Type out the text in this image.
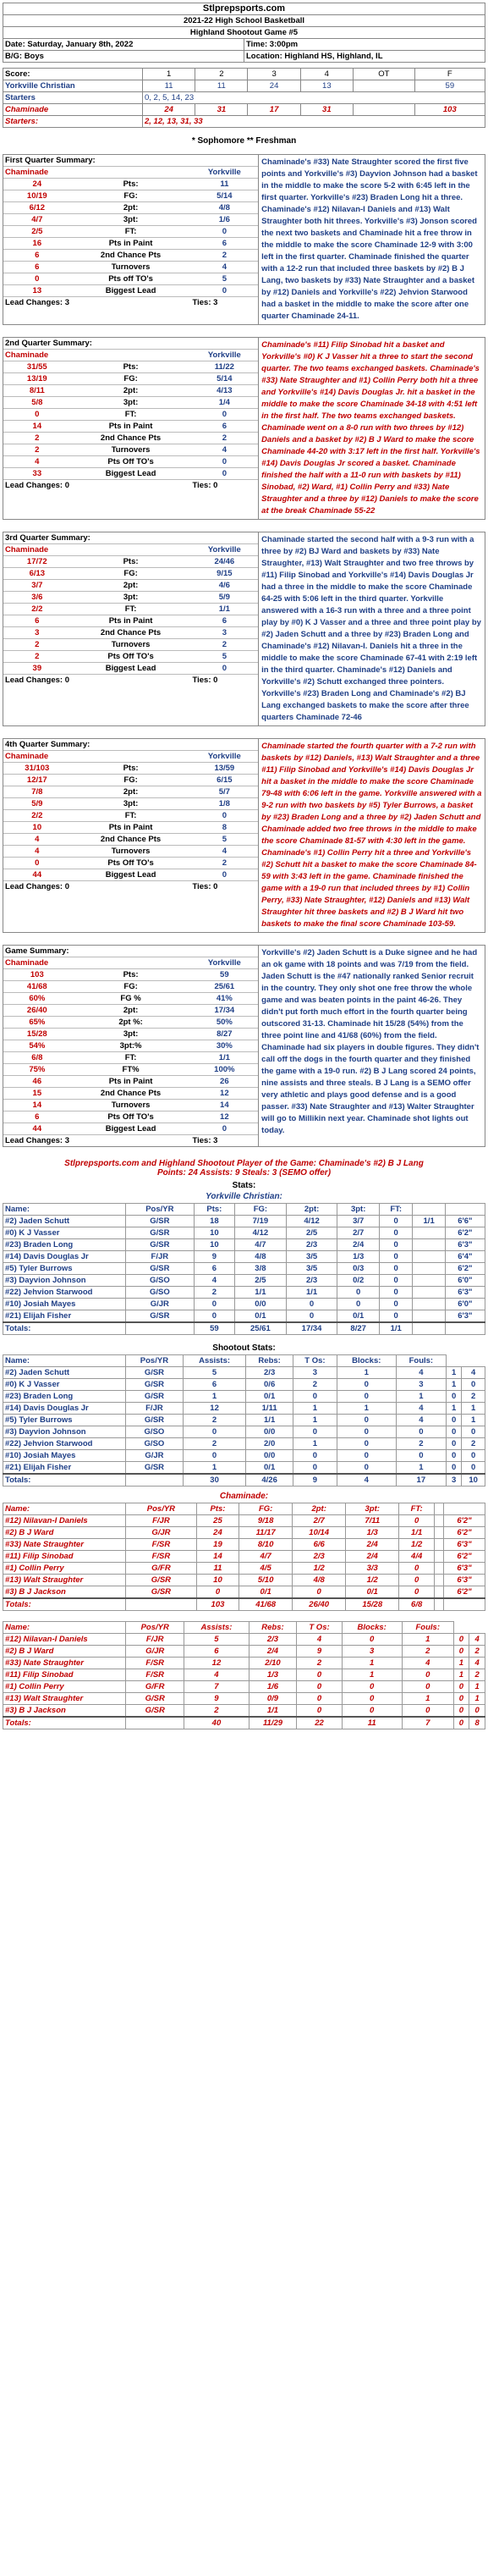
Stlprepsports.com	
2021-22 High School Basketball	
Highland Shootout Game #5	
Date: Saturday, January 8th, 2022	Time: 3:00pm
B/G: Boys	Location: Highland HS, Highland, IL
Score:	1	2	3	4	OT	F
Yorkville Christian	11	11	24	13		59
Starters	0, 2, 5, 14, 23					
Chaminade	24	31	17	31		103
Starters:	2, 12, 13, 31, 33					
* Sophomore ** Freshman
First Quarter Summary:		
Chaminade		Yorkville
24	Pts:	11
10/19	FG:	5/14
6/12	2pt:	4/8
4/7	3pt:	1/6
2/5	FT:	0
16	Pts in Paint	6
6	2nd Chance Pts	2
6	Turnovers	4
0	Pts off TO's	5
13	Biggest Lead	0
Lead Changes: 3		Ties: 3
Chaminade's #33) Nate Straughter scored the first five points and Yorkville's #3) Dayvion Johnson had a basket in the middle to make the score 5-2 with 6:45 left in the first quarter. Yorkville's #23) Braden Long hit a three. Chaminade's #12) Nilavan-I Daniels and #13) Walt Straughter both hit threes. Yorkville's #3) Jonson scored the next two baskets and Chaminade hit a free throw in the middle to make the score Chaminade 12-9 with 3:00 left in the first quarter. Chaminade finished the quarter with a 12-2 run that included three baskets by #2) B J Lang, two baskets by #33) Nate Straughter and a basket by #12) Daniels and Yorkville's #22) Jehvion Starwood had a basket in the middle to make the score after one quarter Chaminade 24-11.
2nd Quarter Summary:		
Chaminade		Yorkville
31/55	Pts:	11/22
13/19	FG:	5/14
8/11	2pt:	4/13
5/8	3pt:	1/4
0	FT:	0
14	Pts in Paint	6
2	2nd Chance Pts	2
2	Turnovers	4
4	Pts Off TO's	0
33	Biggest Lead	0
Lead Changes: 0		Ties: 0
Chaminade's #11) Filip Sinobad hit a basket and Yorkville's #0) K J Vasser hit a three to start the second quarter. The two teams exchanged baskets. Chaminade's #33) Nate Straughter and #1) Collin Perry both hit a three and Yorkville's #14) Davis Douglas Jr. hit a basket in the middle to make the score Chaminade 34-18 with 4:51 left in the first half. The two teams exchanged baskets. Chaminade went on a 8-0 run with two threes by #12) Daniels and a basket by #2) B J Ward to make the score Chaminade 44-20 with 3:17 left in the first half. Yorkville's #14) Davis Douglas Jr scored a basket. Chaminade finished the half with a 11-0 run with baskets by #11) Sinobad, #2) Ward, #1) Collin Perry and #33) Nate Straughter and a three by #12) Daniels to make the score at the break Chaminade 55-22
3rd Quarter Summary:		
Chaminade		Yorkville
17/72	Pts:	24/46
6/13	FG:	9/15
3/7	2pt:	4/6
3/6	3pt:	5/9
2/2	FT:	1/1
6	Pts in Paint	6
3	2nd Chance Pts	3
2	Turnovers	2
2	Pts Off TO's	5
39	Biggest Lead	0
Lead Changes: 0		Ties: 0
Chaminade started the second half with a 9-3 run with a three by #2) BJ Ward and baskets by #33) Nate Straughter, #13) Walt Straughter and two free throws by #11) Filip Sinobad and Yorkville's #14) Davis Douglas Jr had a three in the middle to make the score Chaminade 64-25 with 5:06 left in the third quarter. Yorkville answered with a 16-3 run with a three and a three point play by #0) K J Vasser and a three and three point play by #2) Jaden Schutt and a three by #23) Braden Long and Chaminade's #12) Nilavan-I. Daniels hit a three in the middle to make the score Chaminade 67-41 with 2:19 left in the third quarter. Chaminade's #12) Daniels and Yorkville's #2) Schutt exchanged three pointers. Yorkville's #23) Braden Long and Chaminade's #2) BJ Lang exchanged baskets to make the score after three quarters Chaminade 72-46
4th Quarter Summary:		
Chaminade		Yorkville
31/103	Pts:	13/59
12/17	FG:	6/15
7/8	2pt:	5/7
5/9	3pt:	1/8
2/2	FT:	0
10	Pts in Paint	8
4	2nd Chance Pts	5
4	Turnovers	4
0	Pts Off TO's	2
44	Biggest Lead	0
Lead Changes: 0		Ties: 0
Chaminade started the fourth quarter with a 7-2 run with baskets by #12) Daniels, #13) Walt Straughter and a three #11) Filip Sinobad and Yorkville's #14) Davis Douglas Jr hit a basket in the middle to make the score Chaminade 79-48 with 6:06 left in the game. Yorkville answered with a 9-2 run with two baskets by #5) Tyler Burrows, a basket by #23) Braden Long and a three by #2) Jaden Schutt and Chaminade added two free throws in the middle to make the score Chaminade 81-57 with 4:30 left in the game. Chaminade's #1) Collin Perry hit a three and Yorkville's #2) Schutt hit a basket to make the score Chaminade 84-59 with 3:43 left in the game. Chaminade finished the game with a 19-0 run that included threes by #1) Collin Perry, #33) Nate Straughter, #12) Daniels and #13) Walt Straughter hit three baskets and #2) B J Ward hit two baskets to make the final score Chaminade 103-59.
Game Summary:		
Chaminade		Yorkville
103	Pts:	59
41/68	FG:	25/61
60%	FG %	41%
26/40	2pt:	17/34
65%	2pt %:	50%
15/28	3pt:	8/27
54%	3pt:%	30%
6/8	FT:	1/1
75%	FT%	100%
46	Pts in Paint	26
15	2nd Chance Pts	12
14	Turnovers	14
6	Pts Off TO's	12
44	Biggest Lead	0
Lead Changes: 3		Ties: 3
Yorkville's #2) Jaden Schutt is a Duke signee and he had an ok game with 18 points and was 7/19 from the field. Jaden Schutt is the #47 nationally ranked Senior recruit in the country. They only shot one free throw the whole game and was beaten points in the paint 46-26. They didn't put forth much effort in the fourth quarter being outscored 31-13. Chaminade hit 15/28 (54%) from the three point line and 41/68 (60%) from the field. Chaminade had six players in double figures. They didn't call off the dogs in the fourth quarter and they finished the game with a 19-0 run. #2) B J Lang scored 24 points, nine assists and three steals. B J Lang is a SEMO offer very athletic and plays good defense and is a good passer. #33) Nate Straughter and #13) Walter Straughter will go to Millikin next year. Chaminade shot lights out today.
Stlprepsports.com and Highland Shootout Player of the Game: Chaminade's #2) B J Lang
Points: 24 Assists: 9 Steals: 3 (SEMO offer)
Stats:
Yorkville Christian:
Name:	Pos/YR	Pts:	FG:	2pt:	3pt:	FT:		
#2) Jaden Schutt	G/SR	18	7/19	4/12	3/7	0	1/1	6'6"
#0) K J Vasser	G/SR	10	4/12	2/5	2/7	0		6'2"
#23) Braden Long	G/SR	10	4/7	2/3	2/4	0		6'3"
#14) Davis Douglas Jr	F/JR	9	4/8	3/5	1/3	0		6'4"
#5) Tyler Burrows	G/SR	6	3/8	3/5	0/3	0		6'2"
#3) Dayvion Johnson	G/SO	4	2/5	2/3	0/2	0		6'0"
#22) Jehvion Starwood	G/SO	2	1/1	1/1	0	0		6'3"
#10) Josiah Mayes	G/JR	0	0/0	0	0	0		6'0"
#21) Elijah Fisher	G/SR	0	0/1	0	0/1	0		6'3"
Totals:		59	25/61	17/34	8/27	1/1		
Shootout Stats:
Name:	Pos/YR	Assists:	Rebs:	T Os:	Blocks:	Fouls:		
#2) Jaden Schutt	G/SR	5	2/3	3	1	4	1	4
#0) K J Vasser	G/SR	6	0/6	2	0	3	1	0
#23) Braden Long	G/SR	1	0/1	0	0	1	0	2
#14) Davis Douglas Jr	F/JR	12	1/11	1	1	4	1	1
#5) Tyler Burrows	G/SR	2	1/1	1	0	4	0	1
#3) Dayvion Johnson	G/SO	0	0/0	0	0	0	0	0
#22) Jehvion Starwood	G/SO	2	2/0	1	0	2	0	2
#10) Josiah Mayes	G/JR	0	0/0	0	0	0	0	0
#21) Elijah Fisher	G/SR	1	0/1	0	0	1	0	0
Totals:		30	4/26	9	4	17	3	10
Chaminade:
Name:	Pos/YR	Pts:	FG:	2pt:	3pt:	FT:		
#12) Nilavan-I Daniels	F/JR	25	9/18	2/7	7/11	0		6'2"
#2) B J Ward	G/JR	24	11/17	10/14	1/3	1/1		6'2"
#33) Nate Straughter	F/SR	19	8/10	6/6	2/4	1/2		6'3"
#11) Filip Sinobad	F/SR	14	4/7	2/3	2/4	4/4		6'2"
#1) Collin Perry	G/FR	11	4/5	1/2	3/3	0		6'3"
#13) Walt Straughter	G/SR	10	5/10	4/8	1/2	0		6'3"
#3) B J Jackson	G/SR	0	0/1	0	0/1	0		6'2"
Totals:		103	41/68	26/40	15/28	6/8		
Name:	Pos/YR	Assists:	Rebs:	T Os:	Blocks:	Fouls:		
#12) Nilavan-I Daniels	F/JR	5	2/3	4	0	1	0	4
#2) B J Ward	G/JR	6	2/4	9	3	2	0	2
#33) Nate Straughter	F/SR	12	2/10	2	1	4	1	4
#11) Filip Sinobad	F/SR	4	1/3	0	1	0	1	2
#1) Collin Perry	G/FR	7	1/6	0	0	0	0	1
#13) Walt Straughter	G/SR	9	0/9	0	0	1	0	1
#3) B J Jackson	G/SR	2	1/1	0	0	0	0	0
Totals:		40	11/29	22	11	7	0	8
